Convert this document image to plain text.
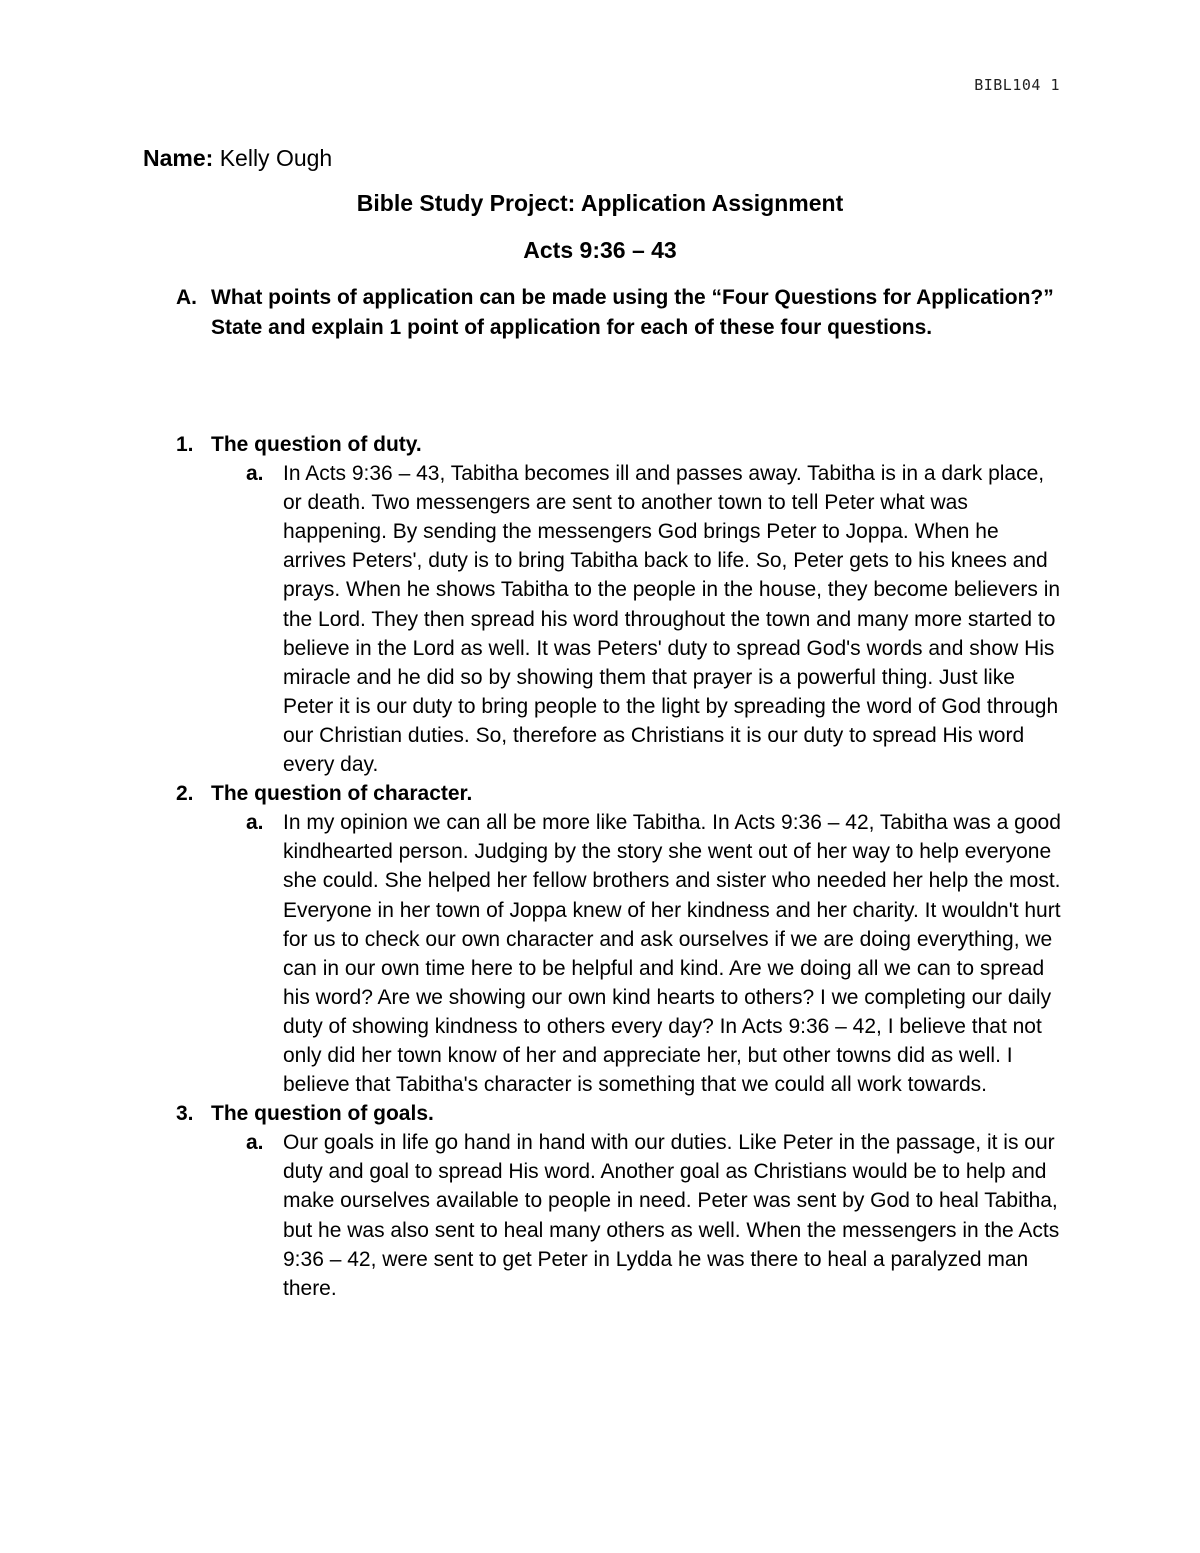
BIBL104 1
Name: Kelly Ough
Bible Study Project: Application Assignment
Acts 9:36 – 43
A. What points of application can be made using the “Four Questions for Application?” State and explain 1 point of application for each of these four questions.
1. The question of duty.
a. In Acts 9:36 – 43, Tabitha becomes ill and passes away. Tabitha is in a dark place, or death. Two messengers are sent to another town to tell Peter what was happening. By sending the messengers God brings Peter to Joppa. When he arrives Peters', duty is to bring Tabitha back to life. So, Peter gets to his knees and prays. When he shows Tabitha to the people in the house, they become believers in the Lord. They then spread his word throughout the town and many more started to believe in the Lord as well. It was Peters' duty to spread God's words and show His miracle and he did so by showing them that prayer is a powerful thing. Just like Peter it is our duty to bring people to the light by spreading the word of God through our Christian duties. So, therefore as Christians it is our duty to spread His word every day.
2. The question of character.
a. In my opinion we can all be more like Tabitha. In Acts 9:36 – 42, Tabitha was a good kindhearted person. Judging by the story she went out of her way to help everyone she could. She helped her fellow brothers and sister who needed her help the most. Everyone in her town of Joppa knew of her kindness and her charity. It wouldn't hurt for us to check our own character and ask ourselves if we are doing everything, we can in our own time here to be helpful and kind. Are we doing all we can to spread his word? Are we showing our own kind hearts to others? I we completing our daily duty of showing kindness to others every day? In Acts 9:36 – 42, I believe that not only did her town know of her and appreciate her, but other towns did as well. I believe that Tabitha's character is something that we could all work towards.
3. The question of goals.
a. Our goals in life go hand in hand with our duties. Like Peter in the passage, it is our duty and goal to spread His word. Another goal as Christians would be to help and make ourselves available to people in need. Peter was sent by God to heal Tabitha, but he was also sent to heal many others as well. When the messengers in the Acts 9:36 – 42, were sent to get Peter in Lydda he was there to heal a paralyzed man there.
